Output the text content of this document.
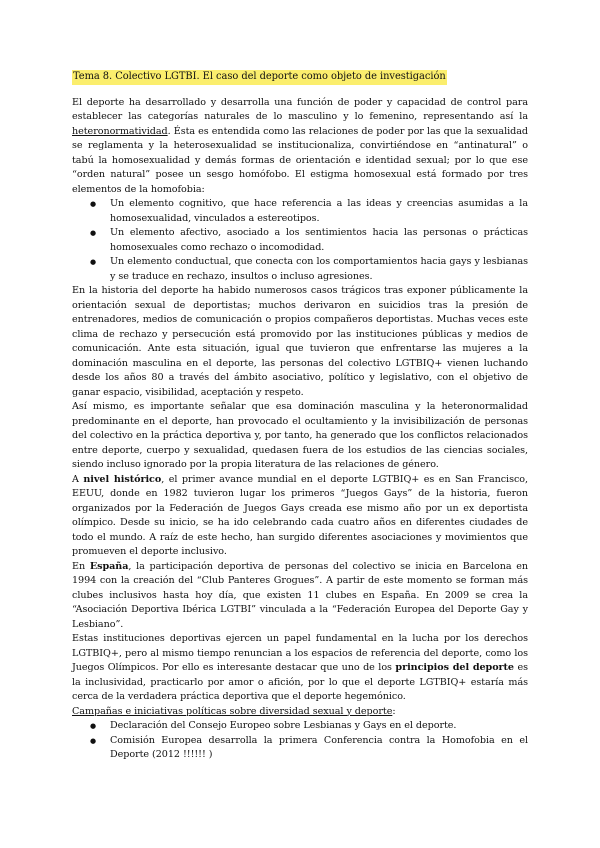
Tema 8. Colectivo LGTBI. El caso del deporte como objeto de investigación

El deporte ha desarrollado y desarrolla una función de poder y capacidad de control para establecer las categorías naturales de lo masculino y lo femenino, representando así la heteronormatividad. Ésta es entendida como las relaciones de poder por las que la sexualidad se reglamenta y la heterosexualidad se institucionaliza, convirtiéndose en “antinatural” o tabú la homosexualidad y demás formas de orientación e identidad sexual; por lo que ese “orden natural” posee un sesgo homófobo. El estigma homosexual está formado por tres elementos de la homofobia:

● Un elemento cognitivo, que hace referencia a las ideas y creencias asumidas a la homosexualidad, vinculados a estereotipos.
● Un elemento afectivo, asociado a los sentimientos hacia las personas o prácticas homosexuales como rechazo o incomodidad.
● Un elemento conductual, que conecta con los comportamientos hacia gays y lesbianas y se traduce en rechazo, insultos o incluso agresiones.

En la historia del deporte ha habido numerosos casos trágicos tras exponer públicamente la orientación sexual de deportistas; muchos derivaron en suicidios tras la presión de entrenadores, medios de comunicación o propios compañeros deportistas. Muchas veces este clima de rechazo y persecución está promovido por las instituciones públicas y medios de comunicación. Ante esta situación, igual que tuvieron que enfrentarse las mujeres a la dominación masculina en el deporte, las personas del colectivo LGTBIQ+ vienen luchando desde los años 80 a través del ámbito asociativo, político y legislativo, con el objetivo de ganar espacio, visibilidad, aceptación y respeto.

Así mismo, es importante señalar que esa dominación masculina y la heteronormalidad predominante en el deporte, han provocado el ocultamiento y la invisibilización de personas del colectivo en la práctica deportiva y, por tanto, ha generado que los conflictos relacionados entre deporte, cuerpo y sexualidad, quedasen fuera de los estudios de las ciencias sociales, siendo incluso ignorado por la propia literatura de las relaciones de género.

A nivel histórico, el primer avance mundial en el deporte LGTBIQ+ es en San Francisco, EEUU, donde en 1982 tuvieron lugar los primeros “Juegos Gays” de la historia, fueron organizados por la Federación de Juegos Gays creada ese mismo año por un ex deportista olímpico. Desde su inicio, se ha ido celebrando cada cuatro años en diferentes ciudades de todo el mundo. A raíz de este hecho, han surgido diferentes asociaciones y movimientos que promueven el deporte inclusivo.

En España, la participación deportiva de personas del colectivo se inicia en Barcelona en 1994 con la creación del “Club Panteres Grogues”. A partir de este momento se forman más clubes inclusivos hasta hoy día, que existen 11 clubes en España. En 2009 se crea la “Asociación Deportiva Ibérica LGTBI” vinculada a la “Federación Europea del Deporte Gay y Lesbiano”.

Estas instituciones deportivas ejercen un papel fundamental en la lucha por los derechos LGTBIQ+, pero al mismo tiempo renuncian a los espacios de referencia del deporte, como los Juegos Olímpicos. Por ello es interesante destacar que uno de los principios del deporte es la inclusividad, practicarlo por amor o afición, por lo que el deporte LGTBIQ+ estaría más cerca de la verdadera práctica deportiva que el deporte hegemónico.

Campañas e iniciativas políticas sobre diversidad sexual y deporte:

● Declaración del Consejo Europeo sobre Lesbianas y Gays en el deporte.
● Comisión Europea desarrolla la primera Conferencia contra la Homofobia en el Deporte (2012 !!!!!! )
